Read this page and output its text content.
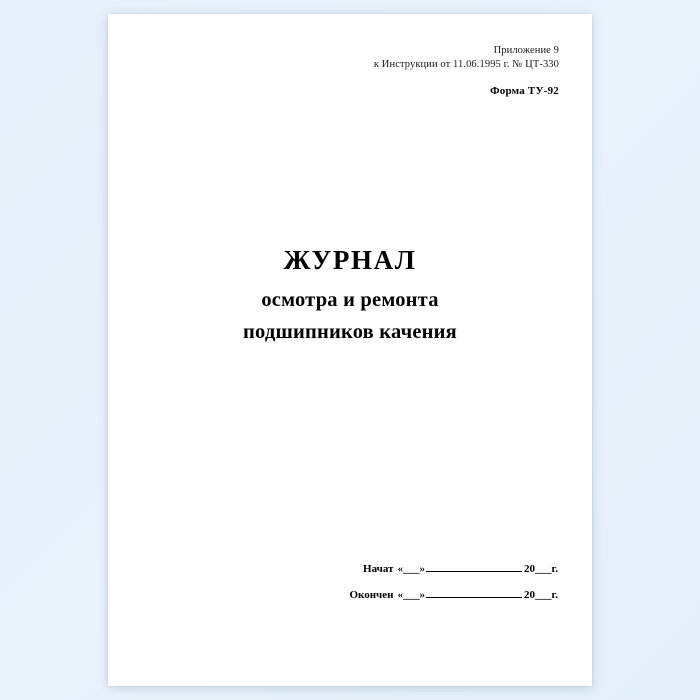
Приложение 9
к Инструкции от 11.06.1995 г. № ЦТ-330
Форма ТУ-92
ЖУРНАЛ
осмотра и ремонта
подшипников качения
Начат « ___ »	20 ___ г.
Окончен « ___ »	20 ___ г.
